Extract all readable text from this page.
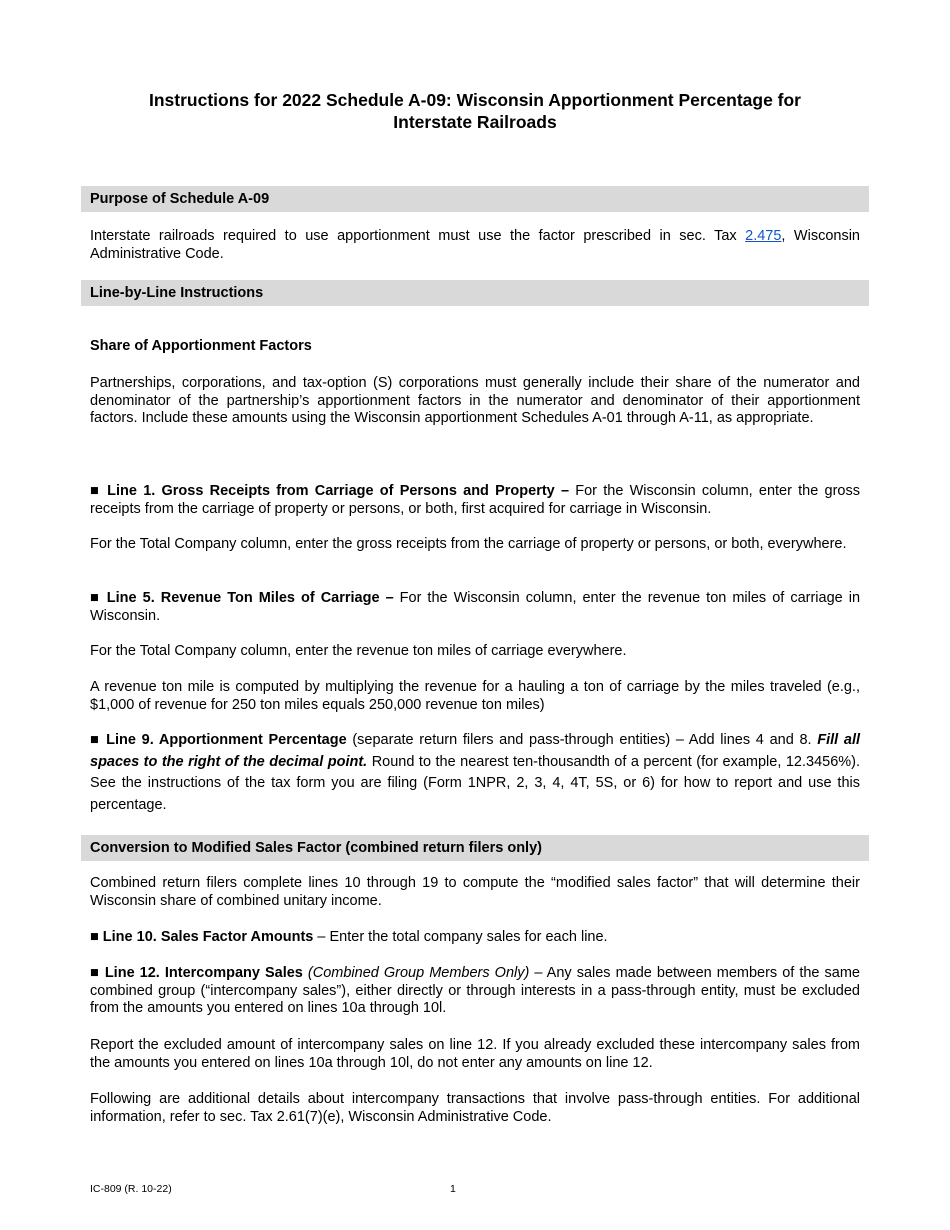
Instructions for 2022 Schedule A-09: Wisconsin Apportionment Percentage for
Interstate Railroads
Purpose of Schedule A-09
Interstate railroads required to use apportionment must use the factor prescribed in sec. Tax 2.475, Wisconsin Administrative Code.
Line-by-Line Instructions
Share of Apportionment Factors
Partnerships, corporations, and tax-option (S) corporations must generally include their share of the numerator and denominator of the partnership’s apportionment factors in the numerator and denominator of their apportionment factors. Include these amounts using the Wisconsin apportionment Schedules A-01 through A-11, as appropriate.
■ Line 1. Gross Receipts from Carriage of Persons and Property – For the Wisconsin column, enter the gross receipts from the carriage of property or persons, or both, first acquired for carriage in Wisconsin.
For the Total Company column, enter the gross receipts from the carriage of property or persons, or both, everywhere.
■ Line 5. Revenue Ton Miles of Carriage – For the Wisconsin column, enter the revenue ton miles of carriage in Wisconsin.
For the Total Company column, enter the revenue ton miles of carriage everywhere.
A revenue ton mile is computed by multiplying the revenue for a hauling a ton of carriage by the miles traveled (e.g., $1,000 of revenue for 250 ton miles equals 250,000 revenue ton miles)
■ Line 9. Apportionment Percentage (separate return filers and pass-through entities) – Add lines 4 and 8. Fill all spaces to the right of the decimal point. Round to the nearest ten-thousandth of a percent (for example, 12.3456%). See the instructions of the tax form you are filing (Form 1NPR, 2, 3, 4, 4T, 5S, or 6) for how to report and use this percentage.
Conversion to Modified Sales Factor (combined return filers only)
Combined return filers complete lines 10 through 19 to compute the “modified sales factor” that will determine their Wisconsin share of combined unitary income.
■ Line 10. Sales Factor Amounts – Enter the total company sales for each line.
■ Line 12. Intercompany Sales (Combined Group Members Only) – Any sales made between members of the same combined group (“intercompany sales”), either directly or through interests in a pass-through entity, must be excluded from the amounts you entered on lines 10a through 10l.
Report the excluded amount of intercompany sales on line 12. If you already excluded these intercompany sales from the amounts you entered on lines 10a through 10l, do not enter any amounts on line 12.
Following are additional details about intercompany transactions that involve pass-through entities. For additional information, refer to sec. Tax 2.61(7)(e), Wisconsin Administrative Code.
IC-809 (R. 10-22)	1
